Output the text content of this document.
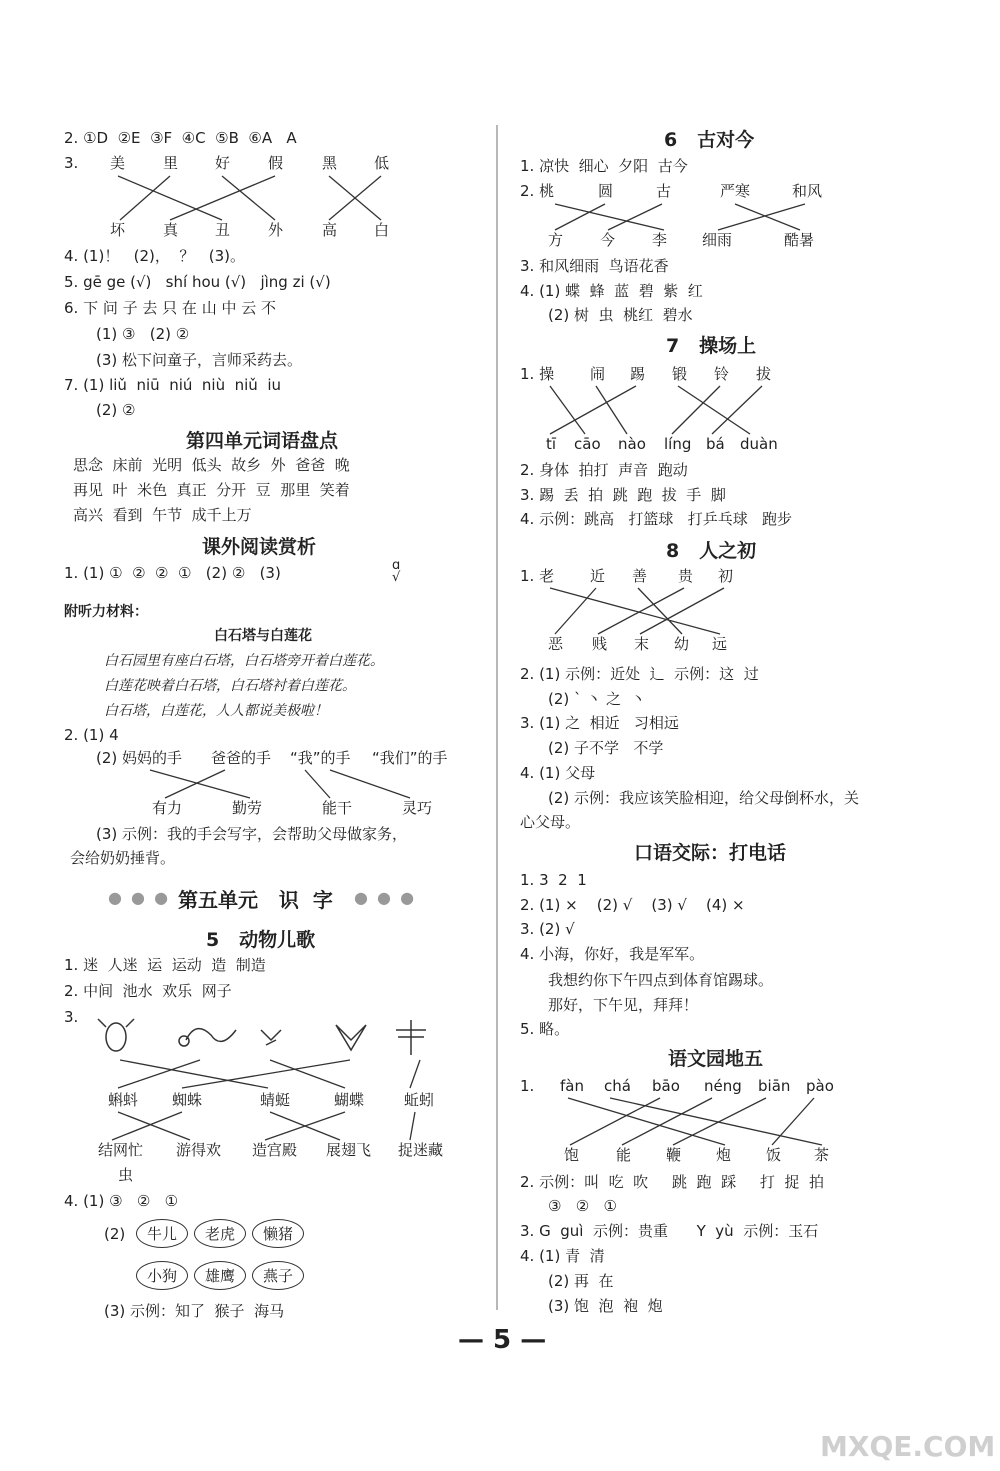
2. ①D  ②E  ③F  ④C  ⑤B  ⑥A   A
3. 美	里 好	假	黑 低
坏	真 丑	外	高 白
4. (1)！   (2)，  ？   (3)。
5. gē ge (√)   shí hou (√)   jìng zi (√)
6. 下 问 子 去 只 在 山 中 云 不
(1) ③   (2) ②
(3) 松下问童子，言师采药去。
7. (1) liǔ  niū  niú  niù  niǔ  iu
(2) ②
第四单元词语盘点
思念  床前  光明  低头  故乡  外  爸爸  晚
再见  叶  米色  真正  分开  豆  那里  笑着
高兴  看到  午节  成千上万
课外阅读赏析
1. (1) ①  ②  ②  ①   (2) ②   (3)	ɑ √
附听力材料：
白石塔与白莲花
白石园里有座白石塔，白石塔旁开着白莲花。
白莲花映着白石塔，白石塔衬着白莲花。
白石塔，白莲花，人人都说美极啦！
2. (1) 4
(2) 妈妈的手 爸爸的手 “我”的手 “我们”的手
有力	勤劳	能干	灵巧
(3) 示例：我的手会写字，会帮助父母做家务，
会给奶奶捶背。
● ● ● 第五单元   识  字 ● ● ●
5   动物儿歌
1. 迷  人迷  运  运动  造  制造
2. 中间  池水  欢乐  网子
3.
蝌蚪 蜘蛛	蜻蜓	蝴蝶	蚯蚓
结网忙 游得欢 造宫殿 展翅飞 捉迷藏
虫
4. (1) ③   ②   ①
(2)	牛儿	老虎	懒猪
小狗	雄鹰	燕子
(3) 示例：知了  猴子  海马
6   古对今
1. 凉快  细心  夕阳  古今
2. 桃	圆	古	严寒	和风
方 今 李 细雨	酷暑
3. 和风细雨  鸟语花香
4. (1) 蝶  蜂  蓝  碧  紫  红
(2) 树  虫  桃红  碧水
7   操场上
1. 操 闹 踢 锻 铃 拔
tī cāo nào líng bá duàn
2. 身体  拍打  声音  跑动
3. 踢  丢  拍  跳  跑  拔  手  脚
4. 示例：跳高   打篮球   打乒乓球   跑步
8   人之初
1. 老 近 善 贵 初
恶 贱 末 幼 远
2. (1) 示例：近处  辶  示例：这  过
(2) ˋ 丶 之  丶
3. (1) 之  相近   习相远
(2) 子不学   不学
4. (1) 父母
(2) 示例：我应该笑脸相迎，给父母倒杯水，关
心父母。
口语交际：打电话
1. 3  2  1
2. (1) ×    (2) √    (3) √    (4) ×
3. (2) √
4. 小海，你好，我是军军。
我想约你下午四点到体育馆踢球。
那好，下午见，拜拜！
5. 略。
语文园地五
1. fàn chá bāo néng biān pào
饱 能 鞭 炮 饭 茶
2. 示例：叫  吃  吹     跳  跑  踩     打  捉  拍
③   ②   ①
3. G  guì  示例：贵重      Y  yù  示例：玉石
4. (1) 青  清
(2) 再  在
(3) 饱  泡  袍  炮
— 5 —
MXQE.COM
